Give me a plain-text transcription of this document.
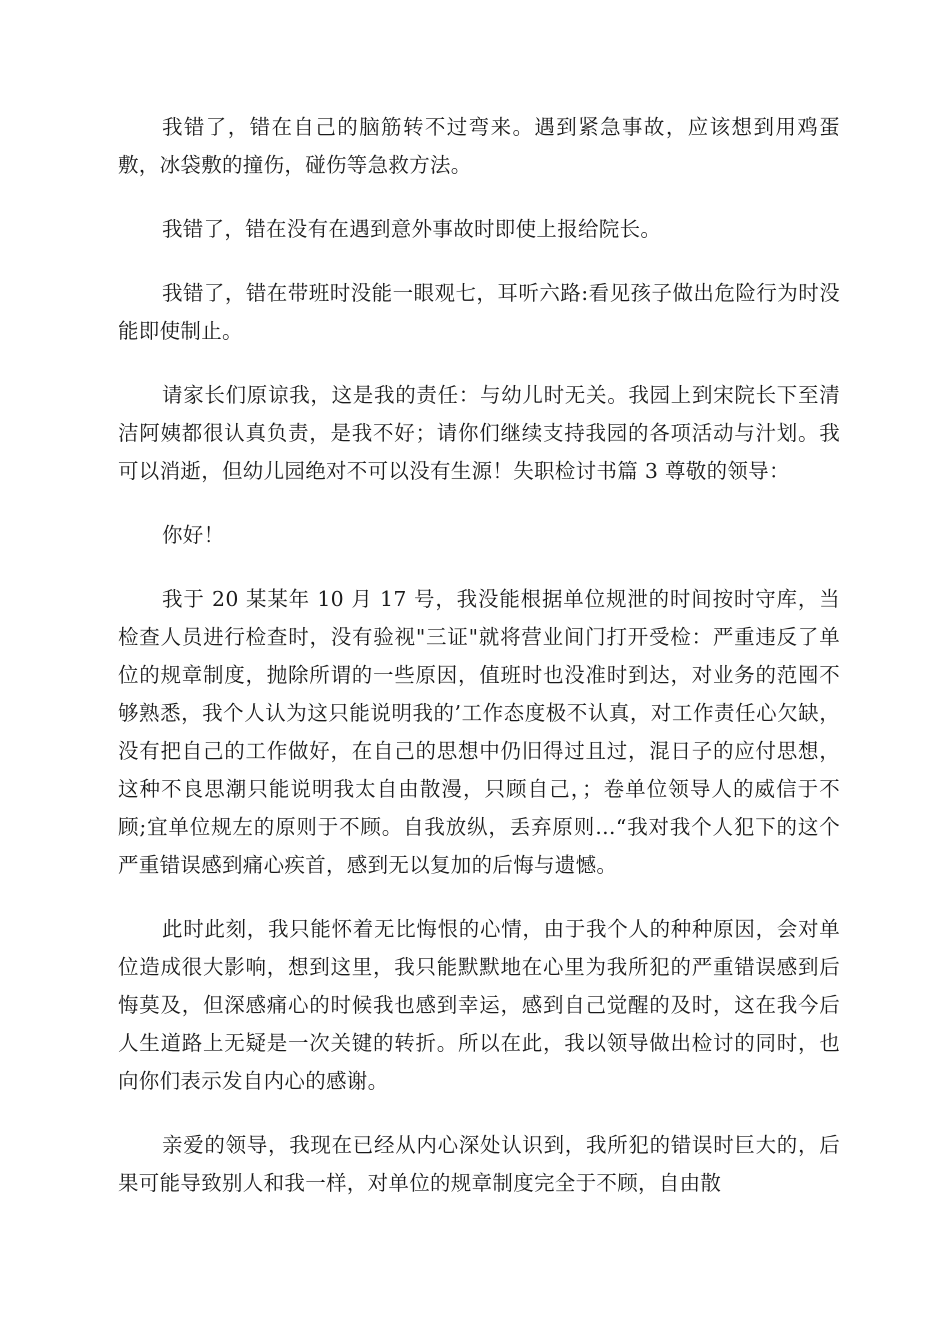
我错了，错在自己的脑筋转不过弯来。遇到紧急事故，应该想到用鸡蛋敷，冰袋敷的撞伤，碰伤等急救方法。

我错了，错在没有在遇到意外事故时即使上报给院长。

我错了，错在带班时没能一眼观七，耳听六路:看见孩子做出危险行为时没能即使制止。

请家长们原谅我，这是我的责任：与幼儿时无关。我园上到宋院长下至清洁阿姨都很认真负责，是我不好；请你们继续支持我园的各项活动与汁划。我可以消逝，但幼儿园绝对不可以没有生源！失职检讨书篇 3 尊敬的领导：

你好！

我于 20 某某年 10 月 17 号，我没能根据单位规泄的时间按时守库，当检查人员进行检查时，没有验视"三证"就将营业间门打开受检：严重违反了单位的规章制度，抛除所谓的一些原因，值班时也没准时到达，对业务的范囤不够熟悉，我个人认为这只能说明我的’工作态度极不认真，对工作责任心欠缺，没有把自己的工作做好，在自己的思想中仍旧得过且过，混日子的应付思想，这种不良思潮只能说明我太自由散漫，只顾自己，；卷单位领导人的威信于不顾;宜单位规左的原则于不顾。自我放纵，丢弃原则…“我对我个人犯下的这个严重错误感到痛心疾首，感到无以复加的后悔与遗憾。

此时此刻，我只能怀着无比悔恨的心情，由于我个人的种种原因，会对单位造成很大影响，想到这里，我只能默默地在心里为我所犯的严重错误感到后悔莫及，但深感痛心的时候我也感到幸运，感到自己觉醒的及时，这在我今后人生道路上无疑是一次关键的转折。所以在此，我以领导做出检讨的同时，也向你们表示发自内心的感谢。

亲爱的领导，我现在已经从内心深处认识到，我所犯的错误时巨大的，后果可能导致别人和我一样，对单位的规章制度完全于不顾，自由散
